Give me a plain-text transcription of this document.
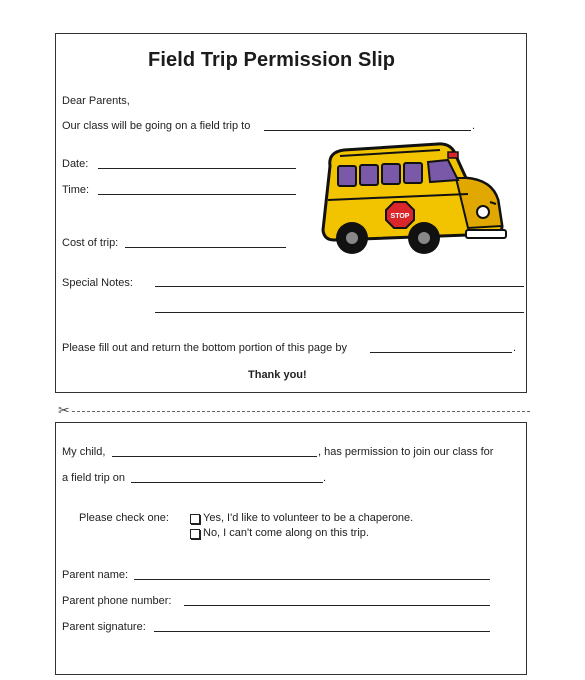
Field Trip Permission Slip
Dear Parents,
Our class will be going on a field trip to	.
Date:
Time:
Cost of trip:
Special Notes:
Please fill out and return the bottom portion of this page by	.
Thank you!
STOP
✂
My child,	, has permission to join our class for
a field trip on	.
Please check one:	Yes, I'd like to volunteer to be a chaperone.
No, I can't come along on this trip.
Parent name:
Parent phone number:
Parent signature:
